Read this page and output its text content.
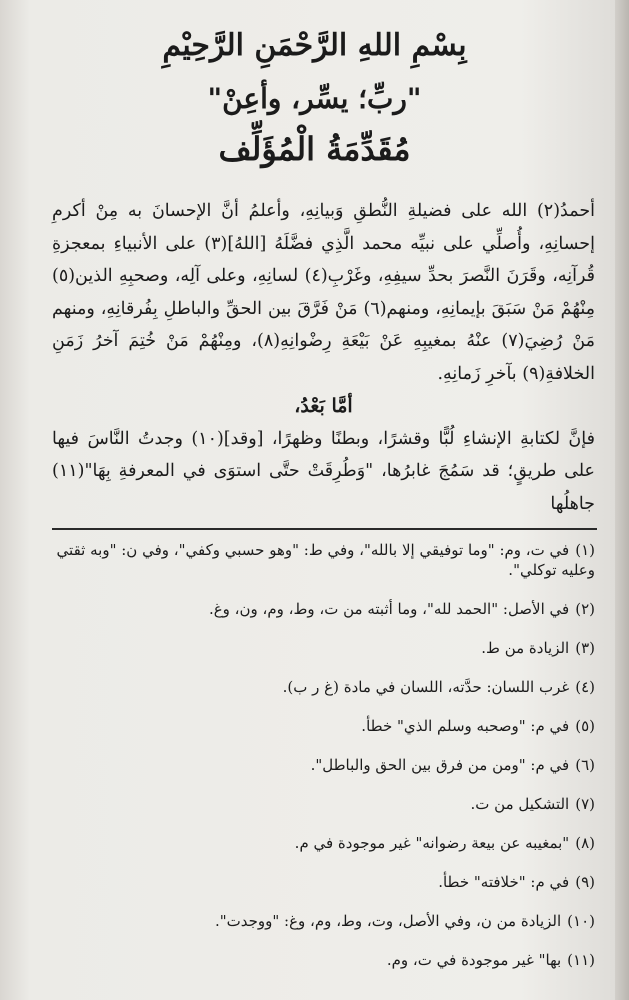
بِسْمِ اللهِ الرَّحْمَنِ الرَّحِيْمِ
"ربِّ؛ يسِّر، وأعِنْ"
مُقَدِّمَةُ الْمُؤَلِّف

أحمدُ(٢) الله على فضيلةِ النُّطقِ وَبيانِهِ، وأعلمُ أنَّ الإحسانَ به مِنْ أكرمِ إحسانِهِ، وأُصلِّي على نبيِّه محمد الَّذِي فضَّلَهُ [اللهُ](٣) على الأنبياءِ بمعجزةِ قُرآنِه، وقَرَنَ النَّصرَ بحدِّ سيفِهِ، وغَرْبِ(٤) لسانِهِ، وعلى آلِه، وصحبِهِ الذين(٥) مِنْهُمْ مَنْ سَبَقَ بإيمانِهِ، ومنهم(٦) مَنْ فَرَّقَ بين الحقِّ والباطلِ بِفُرقانِهِ، ومنهم مَنْ رُضِيَ(٧) عنْهُ بمغيبِهِ عَنْ بَيْعَةِ رِضْوانِهِ(٨)، ومِنْهُمْ مَنْ خُتِمَ آخرُ زَمَنِ الخلافةِ(٩) بآخرِ زَمانِهِ.

أمَّا بَعْدُ،

فإنَّ لكتابةِ الإنشاءِ لُبًّا وقشرًا، وبطنًا وظهرًا، [وقد](١٠) وجدتُ النَّاسَ فيها على طريقٍ؛ قد سَمُجَ غابرُها، "وَطُرِقَتْ حتَّى استوَى في المعرفةِ بِهَا"(١١) جاهلُها

(١)في ت، وم: "وما توفيقي إلا بالله"، وفي ط: "وهو حسبي وكفي"، وفي ن: "وبه ثقتي وعليه توكلي".

(٢)في الأصل: "الحمد لله"، وما أثبته من ت، وط، وم، ون، وغ.

(٣)الزيادة من ط.

(٤)غرب اللسان: حدَّته، اللسان في مادة (غ ر ب).

(٥)في م: "وصحبه وسلم الذي" خطأ.

(٦)في م: "ومن من فرق بين الحق والباطل".

(٧)التشكيل من ت.

(٨)"بمغيبه عن بيعة رضوانه" غير موجودة في م.

(٩)في م: "خلافته" خطأ.

(١٠)الزيادة من ن، وفي الأصل، وت، وط، وم، وغ: "ووجدت".

(١١)بها" غير موجودة في ت، وم.
